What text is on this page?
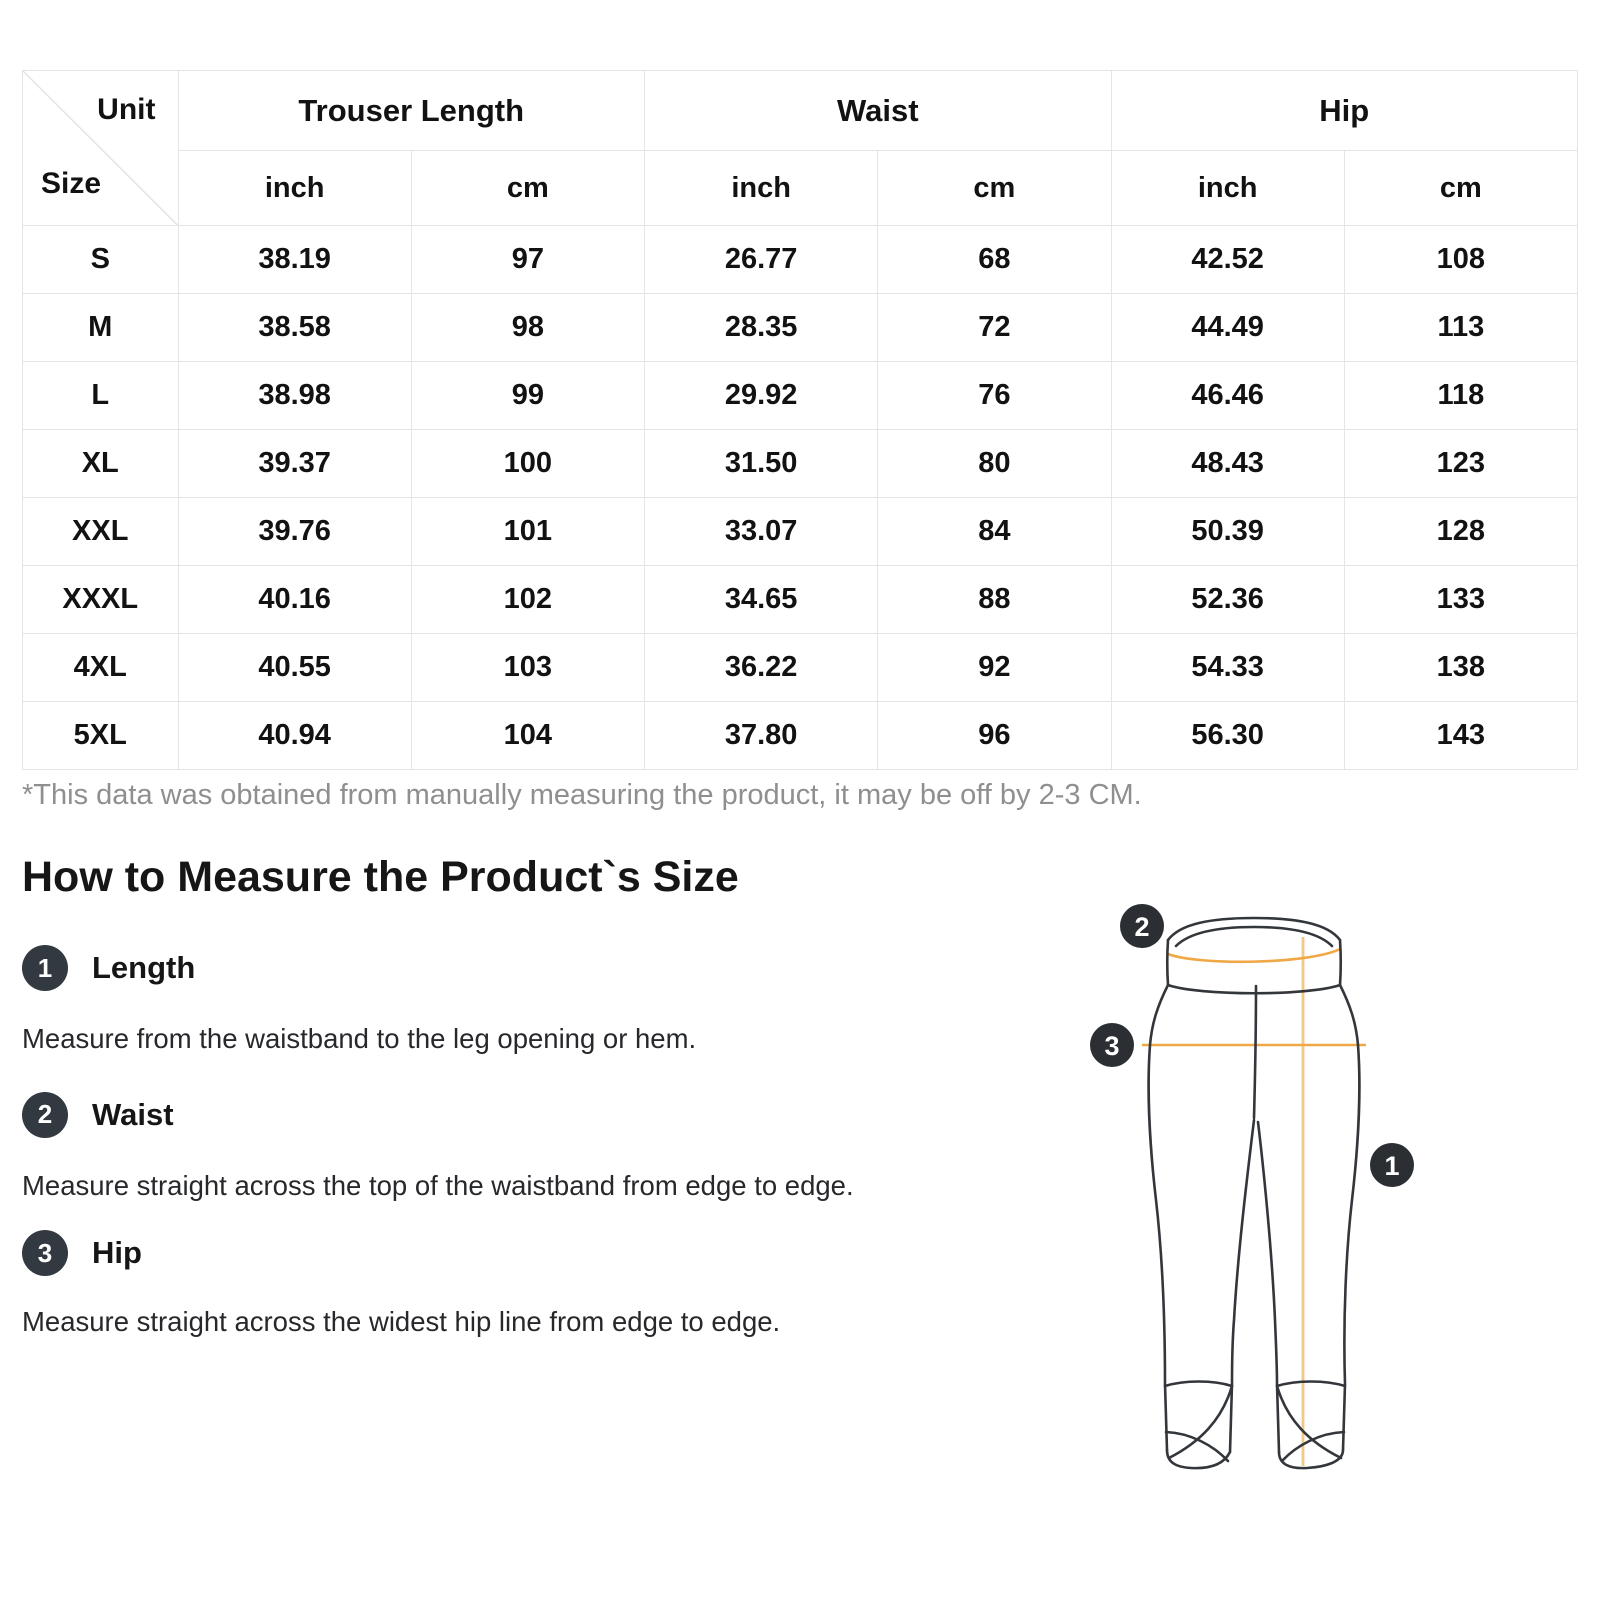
Unit
Size	Trouser Length		Waist		Hip	
	inch	cm	inch	cm	inch	cm
S	38.19	97	26.77	68	42.52	108
M	38.58	98	28.35	72	44.49	113
L	38.98	99	29.92	76	46.46	118
XL	39.37	100	31.50	80	48.43	123
XXL	39.76	101	33.07	84	50.39	128
XXXL	40.16	102	34.65	88	52.36	133
4XL	40.55	103	36.22	92	54.33	138
5XL	40.94	104	37.80	96	56.30	143
*This data was obtained from manually measuring the product, it may be off by 2-3 CM.
How to Measure the Product`s Size
1	Length

Measure from the waistband to the leg opening or hem.

2	Waist

Measure straight across the top of the waistband from edge to edge.

3	Hip

Measure straight across the widest hip line from edge to edge.

2
3
1
